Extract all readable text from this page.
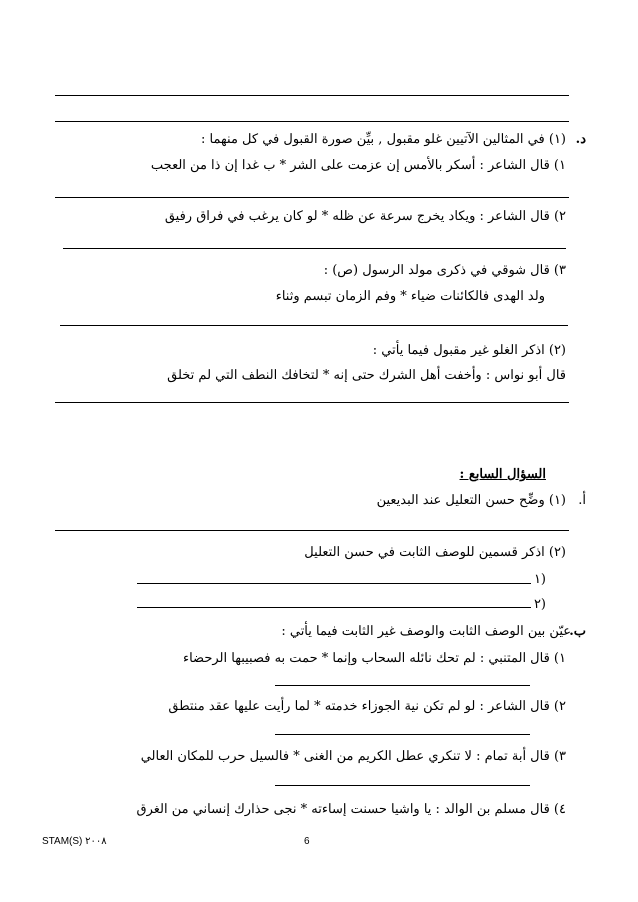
د.
(١) في المثالين الآتيين غلو مقبول , بيِّن صورة القبول في كل منهما :
١) قال الشاعر : أسكر بالأمس إن عزمت على الشر * ب غدا إن ذا من العجب
٢) قال الشاعر : ويكاد يخرج سرعة عن ظله * لو كان يرغب في فراق رفيق
٣) قال شوقي في ذكرى مولد الرسول (ص) :
ولد الهدى فالكائنات ضياء * وفم الزمان تبسم وثناء
(٢) اذكر الغلو غير مقبول فيما يأتي :
قال أبو نواس : وأخفت أهل الشرك حتى إنه * لتخافك النطف التي لم تخلق
السؤال السابع :
أ.
(١) وضِّح حسن التعليل عند البديعين
(٢) اذكر قسمين للوصف الثابت في حسن التعليل
١)
٢)
ب.
عيّن بين الوصف الثابت والوصف غير الثابت فيما يأتي :
١) قال المتنبي : لم تحك نائله السحاب وإنما * حمت به فصبيبها الرحضاء
٢) قال الشاعر : لو لم تكن نية الجوزاء خدمته * لما رأيت عليها عقد منتطق
٣) قال أبة تمام : لا تنكري عطل الكريم من الغنى * فالسيل حرب للمكان العالي
٤) قال مسلم بن الوالد : يا واشيا حسنت إساءته * نجى حذارك إنساني من الغرق
STAM(S) ٢٠٠٨	6
